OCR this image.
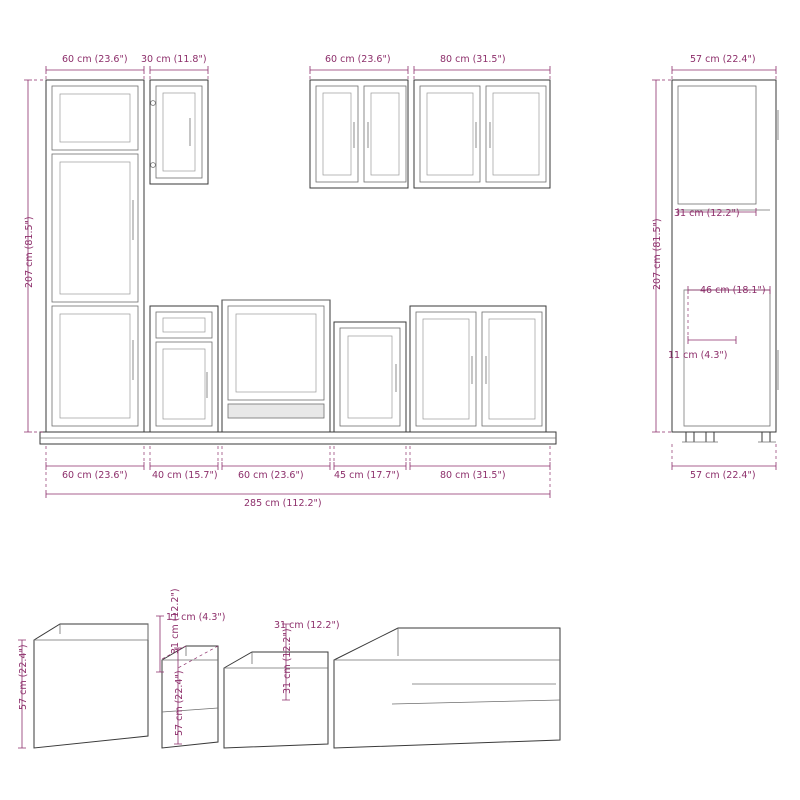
60 cm (23.6") 30 cm (11.8")	60 cm (23.6")	80 cm (31.5")
207 cm (81.5")
60 cm (23.6")	40 cm (15.7") 60 cm (23.6")	45 cm (17.7")	80 cm (31.5")
285 cm (112.2")
57 cm (22.4")
31 cm (12.2")
207 cm (81.5")
46 cm (18.1")
11 cm (4.3")
57 cm (22.4")
57 cm (22.4")
11 cm (4.3")
31 cm (12.2")
57 cm (22.4")
31 cm (12.2")
31 cm (12.2")
